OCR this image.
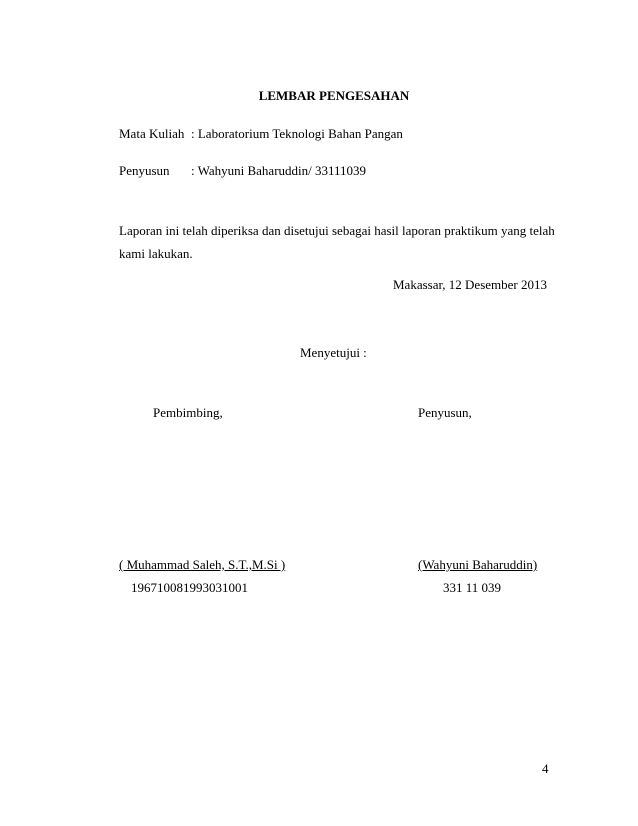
LEMBAR PENGESAHAN
Mata Kuliah : Laboratorium Teknologi Bahan Pangan
Penyusun : Wahyuni Baharuddin/ 33111039
Laporan ini telah diperiksa dan disetujui sebagai hasil laporan praktikum yang telah
kami lakukan.
Makassar, 12 Desember 2013
Menyetujui :
Pembimbing,	Penyusun,
( Muhammad Saleh, S.T.,M.Si )
196710081993031001
(Wahyuni Baharuddin)
331 11 039
4
